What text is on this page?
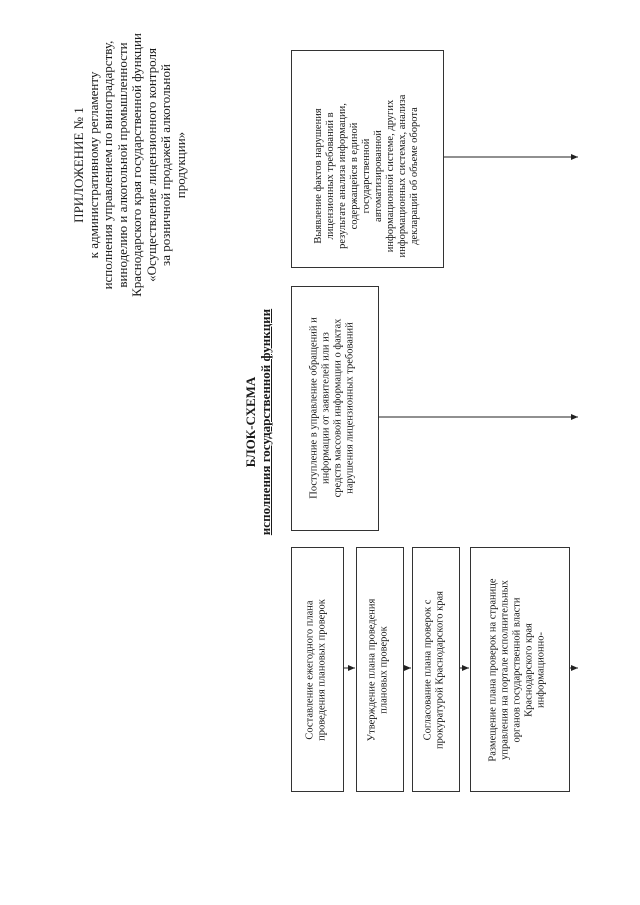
ПРИЛОЖЕНИЕ № 1 к административному регламенту исполнения управлением по виноградарству, виноделию и алкогольной промышленности Краснодарского края государственной функции «Осуществление лицензионного контроля за розничной продажей алкогольной продукции»
БЛОК-СХЕМА исполнения государственной функции
Выявление фактов нарушения лицензионных требований в результате анализа информации, содержащейся в единой государственной автоматизированной информационной системе, других информационных системах, анализа деклараций об объеме оборота
Поступление в управление обращений и информации от заявителей или из средств массовой информации о фактах нарушения лицензионных требований
Составление ежегодного плана проведения плановых проверок	Утверждение плана проведения плановых проверок	Согласование плана проверок с прокуратурой Краснодарского края	Размещение плана проверок на странице управления на портале исполнительных органов государственной власти Краснодарского края информационно-
